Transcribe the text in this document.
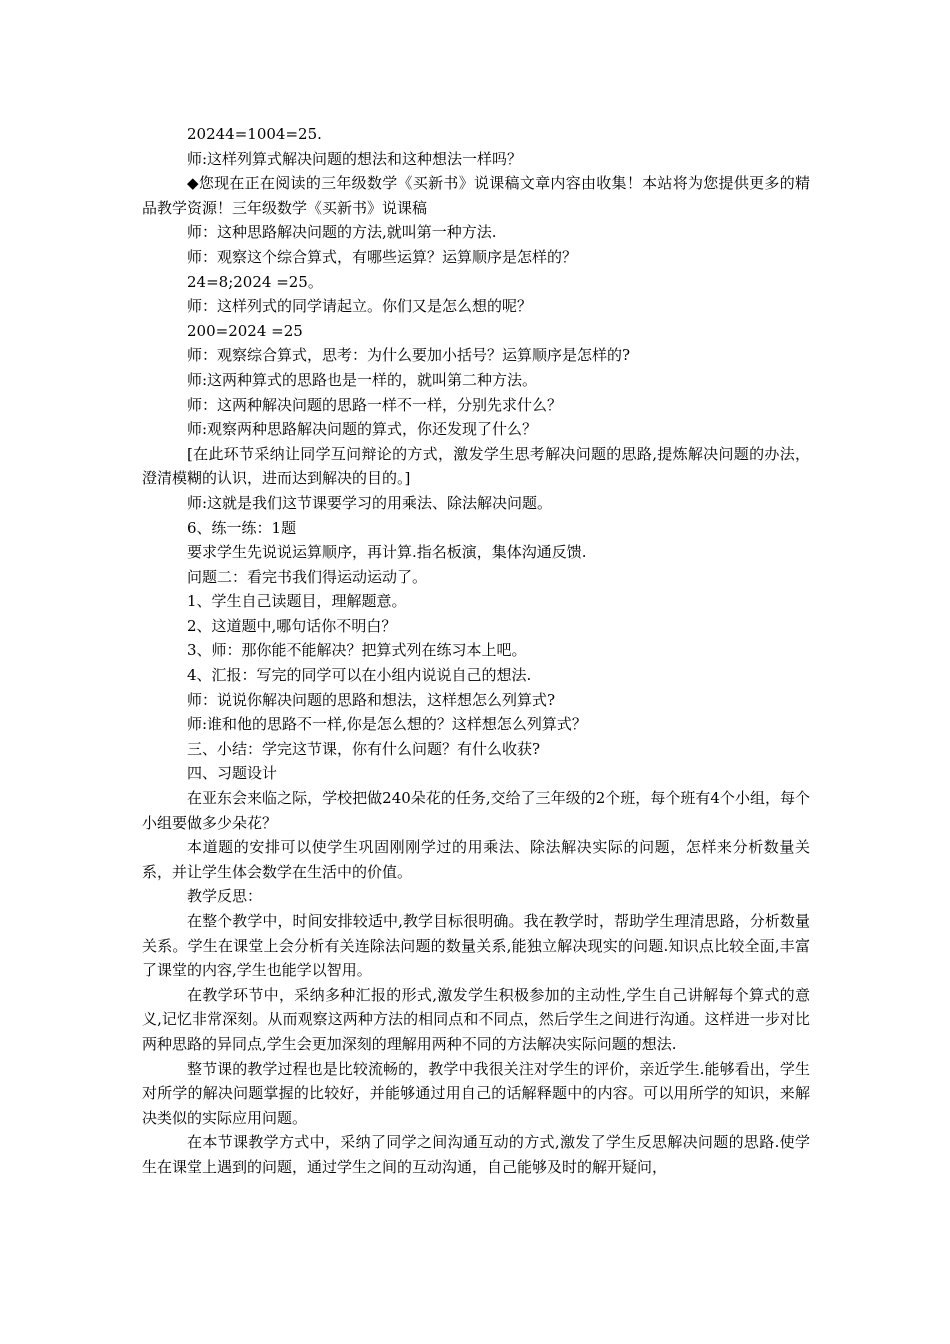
20244=1004=25.

师:这样列算式解决问题的想法和这种想法一样吗？

◆您现在正在阅读的三年级数学《买新书》说课稿文章内容由收集！本站将为您提供更多的精品教学资源！三年级数学《买新书》说课稿

师：这种思路解决问题的方法,就叫第一种方法.

师：观察这个综合算式，有哪些运算？运算顺序是怎样的？

24=8;2024 =25。

师：这样列式的同学请起立。你们又是怎么想的呢？

200=2024 =25

师：观察综合算式，思考：为什么要加小括号？运算顺序是怎样的?

师:这两种算式的思路也是一样的，就叫第二种方法。

师：这两种解决问题的思路一样不一样，分别先求什么？

师:观察两种思路解决问题的算式，你还发现了什么？

[在此环节采纳让同学互问辩论的方式，激发学生思考解决问题的思路,提炼解决问题的办法，澄清模糊的认识，进而达到解决的目的。]

师:这就是我们这节课要学习的用乘法、除法解决问题。

6、练一练：1题

要求学生先说说运算顺序，再计算.指名板演，集体沟通反馈.

问题二：看完书我们得运动运动了。

1、学生自己读题目，理解题意。

2、这道题中,哪句话你不明白？

3、师：那你能不能解决？把算式列在练习本上吧。

4、汇报：写完的同学可以在小组内说说自己的想法.

师：说说你解决问题的思路和想法，这样想怎么列算式?

师:谁和他的思路不一样,你是怎么想的？这样想怎么列算式？

三、小结：学完这节课，你有什么问题？有什么收获?

四、习题设计

在亚东会来临之际，学校把做240朵花的任务,交给了三年级的2个班，每个班有4个小组，每个小组要做多少朵花？

本道题的安排可以使学生巩固刚刚学过的用乘法、除法解决实际的问题，怎样来分析数量关系，并让学生体会数学在生活中的价值。

教学反思：

在整个教学中，时间安排较适中,教学目标很明确。我在教学时，帮助学生理清思路，分析数量关系。学生在课堂上会分析有关连除法问题的数量关系,能独立解决现实的问题.知识点比较全面,丰富了课堂的内容,学生也能学以智用。

在教学环节中，采纳多种汇报的形式,激发学生积极参加的主动性,学生自己讲解每个算式的意义,记忆非常深刻。从而观察这两种方法的相同点和不同点，然后学生之间进行沟通。这样进一步对比两种思路的异同点,学生会更加深刻的理解用两种不同的方法解决实际问题的想法.

整节课的教学过程也是比较流畅的，教学中我很关注对学生的评价，亲近学生.能够看出，学生对所学的解决问题掌握的比较好，并能够通过用自己的话解释题中的内容。可以用所学的知识，来解决类似的实际应用问题。

在本节课教学方式中，采纳了同学之间沟通互动的方式,激发了学生反思解决问题的思路.使学生在课堂上遇到的问题，通过学生之间的互动沟通，自己能够及时的解开疑问，
